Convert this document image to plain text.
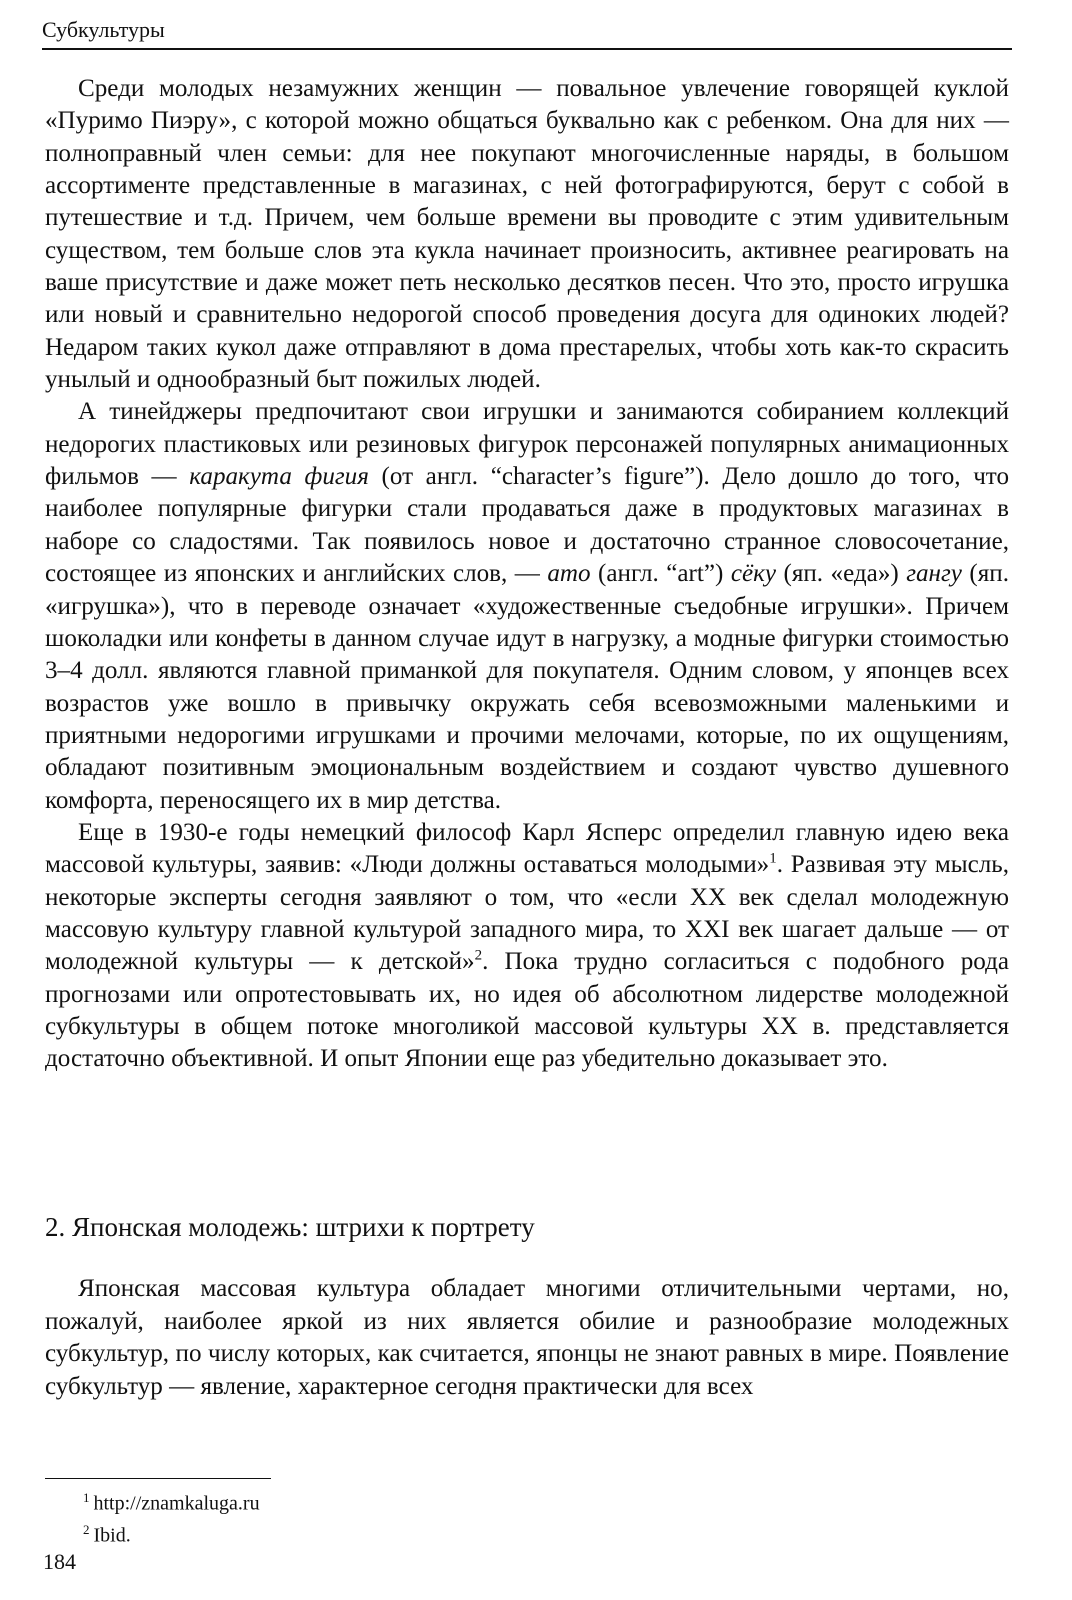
Субкультуры

Среди молодых незамужних женщин — повальное увлечение говорящей куклой «Пуримо Пиэру», с которой можно общаться буквально как с ребенком. Она для них — полноправный член семьи: для нее покупают многочисленные наряды, в большом ассортименте представленные в магазинах, с ней фотографируются, берут с собой в путешествие и т.д. Причем, чем больше времени вы проводите с этим удивительным существом, тем больше слов эта кукла начинает произносить, активнее реагировать на ваше присутствие и даже может петь несколько десятков песен. Что это, просто игрушка или новый и сравнительно недорогой способ проведения досуга для одиноких людей? Недаром таких кукол даже отправляют в дома престарелых, чтобы хоть как-то скрасить унылый и однообразный быт пожилых людей.

А тинейджеры предпочитают свои игрушки и занимаются собиранием коллекций недорогих пластиковых или резиновых фигурок персонажей популярных анимационных фильмов — каракута фигия (от англ. “character’s figure”). Дело дошло до того, что наиболее популярные фигурки стали продаваться даже в продуктовых магазинах в наборе со сладостями. Так появилось новое и достаточно странное словосочетание, состоящее из японских и английских слов, — ато (англ. “art”) сёку (яп. «еда») гангу (яп. «игрушка»), что в переводе означает «художественные съедобные игрушки». Причем шоколадки или конфеты в данном случае идут в нагрузку, а модные фигурки стоимостью 3–4 долл. являются главной приманкой для покупателя. Одним словом, у японцев всех возрастов уже вошло в привычку окружать себя всевозможными маленькими и приятными недорогими игрушками и прочими мелочами, которые, по их ощущениям, обладают позитивным эмоциональным воздействием и создают чувство душевного комфорта, переносящего их в мир детства.

Еще в 1930-е годы немецкий философ Карл Ясперс определил главную идею века массовой культуры, заявив: «Люди должны оставаться молодыми»$^1$. Развивая эту мысль, некоторые эксперты сегодня заявляют о том, что «если ХХ век сделал молодежную массовую культуру главной культурой западного мира, то XXI век шагает дальше — от молодежной культуры — к детской»$^2$. Пока трудно согласиться с подобного рода прогнозами или опротестовывать их, но идея об абсолютном лидерстве молодежной субкультуры в общем потоке многоликой массовой культуры ХХ в. представляется достаточно объективной. И опыт Японии еще раз убедительно доказывает это.

2. Японская молодежь: штрихи к портрету

Японская массовая культура обладает многими отличительными чертами, но, пожалуй, наиболее яркой из них является обилие и разнообразие молодежных субкультур, по числу которых, как считается, японцы не знают равных в мире. Появление субкультур — явление, характерное сегодня практически для всех

$^1$ http://znamkaluga.ru
$^2$ Ibid.
184
